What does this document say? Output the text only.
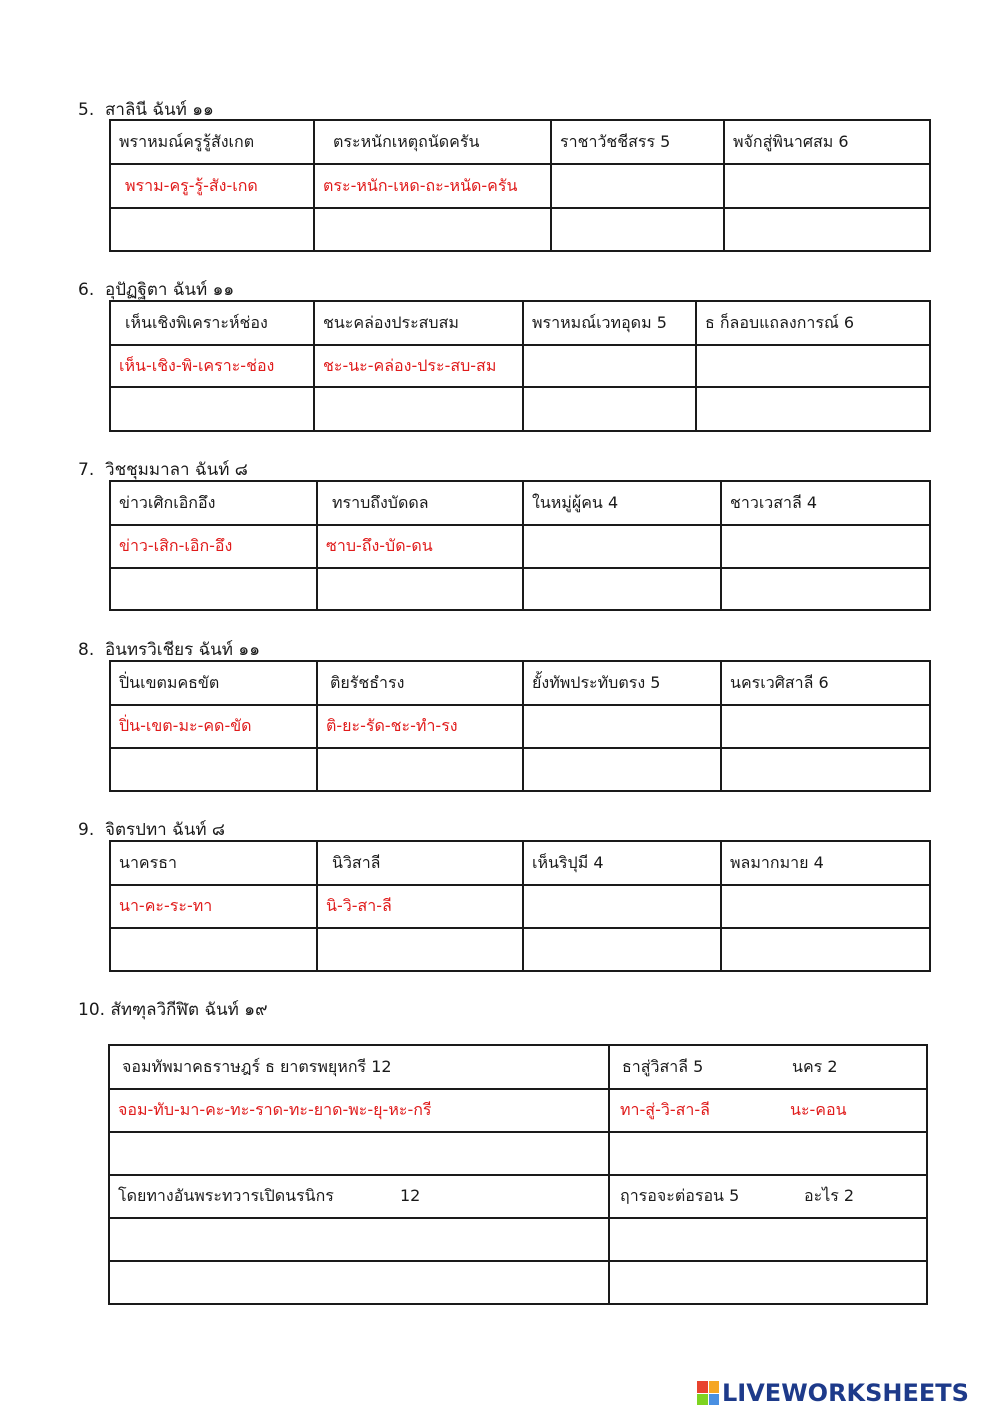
5. สาลินี ฉันท์ ๑๑
พราหมณ์ครูรู้สังเกต	ตระหนักเหตุถนัดครัน	ราชาวัชชีสรร 5	พจักสู่พินาศสม 6
พราม-ครู-รู้-สัง-เกด	ตระ-หนัก-เหด-ถะ-หนัด-ครัน		

6. อุปัฏฐิตา ฉันท์ ๑๑
เห็นเชิงพิเคราะห์ช่อง	ชนะคล่องประสบสม	พราหมณ์เวทอุดม 5	ธ ก็ลอบแถลงการณ์ 6
เห็น-เชิง-พิ-เคราะ-ช่อง	ชะ-นะ-คล่อง-ประ-สบ-สม		

7. วิชชุมมาลา ฉันท์ ๘
ข่าวเศิกเอิกอึง	ทราบถึงบัดดล	ในหมู่ผู้คน 4	ชาวเวสาลี 4
ข่าว-เสิก-เอิก-อึง	ซาบ-ถึง-บัด-ดน		

8. อินทรวิเชียร ฉันท์ ๑๑
ปิ่นเขตมคธขัต	ติยรัชธำรง	ยั้งทัพประทับตรง 5	นครเวศิสาลี 6
ปิ่น-เขต-มะ-คด-ขัด	ติ-ยะ-รัด-ชะ-ทำ-รง		

9. จิตรปทา ฉันท์ ๘
นาครธา	นิวิสาลี	เห็นริปุมี 4	พลมากมาย 4
นา-คะ-ระ-ทา	นิ-วิ-สา-ลี		

10. สัทฑุลวิกีฬิต ฉันท์ ๑๙
จอมทัพมาคธราษฎร์ ธ ยาตรพยุหกรี 12	ธาสู่วิสาลี 5 นคร 2
จอม-ทับ-มา-คะ-ทะ-ราด-ทะ-ยาด-พะ-ยุ-หะ-กรี	ทา-สู่-วิ-สา-ลี นะ-คอน

โดยทางอันพระทวารเปิดนรนิกร 12	ฤารอจะต่อรอน 5 อะไร 2

LIVEWORKSHEETS
